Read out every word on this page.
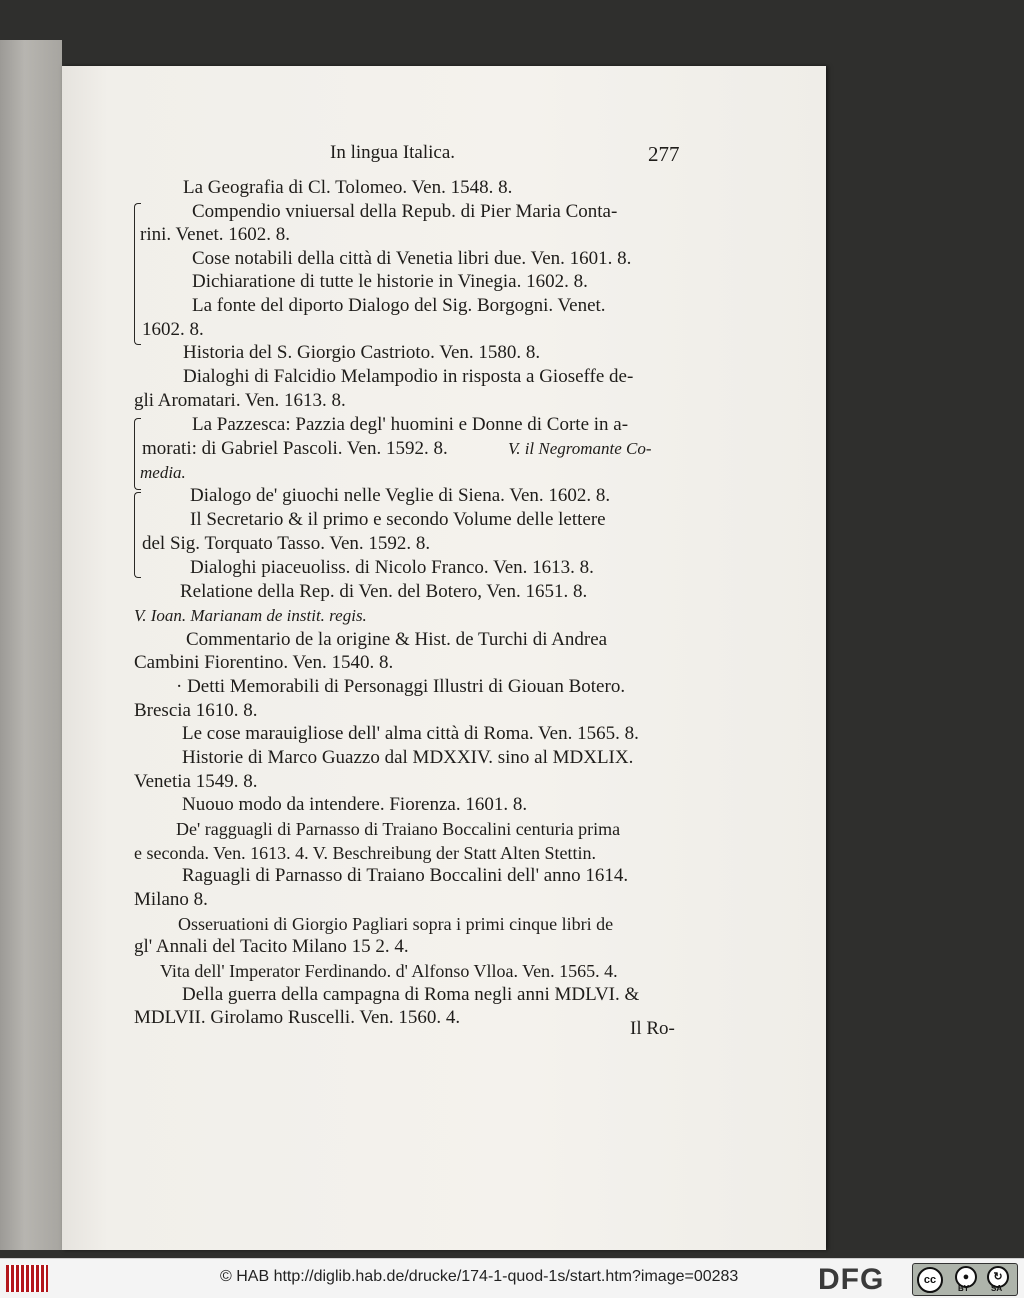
In lingua Italica.	277
La Geografia di Cl. Tolomeo. Ven. 1548. 8.
Compendio vniuersal della Repub. di Pier Maria Conta-
rini. Venet. 1602. 8.
Cose notabili della città di Venetia libri due. Ven. 1601. 8.
Dichiaratione di tutte le historie in Vinegia. 1602. 8.
La fonte del diporto Dialogo del Sig. Borgogni. Venet.
1602. 8.
Historia del S. Giorgio Castrioto. Ven. 1580. 8.
Dialoghi di Falcidio Melampodio in risposta a Gioseffe de-
gli Aromatari. Ven. 1613. 8.
La Pazzesca: Pazzia degl' huomini e Donne di Corte in a-
morati: di Gabriel Pascoli. Ven. 1592. 8.	V. il Negromante Co-
media.
Dialogo de' giuochi nelle Veglie di Siena. Ven. 1602. 8.
Il Secretario & il primo e secondo Volume delle lettere
del Sig. Torquato Tasso. Ven. 1592. 8.
Dialoghi piaceuoliss. di Nicolo Franco. Ven. 1613. 8.
Relatione della Rep. di Ven. del Botero, Ven. 1651. 8.
V. Ioan. Marianam de instit. regis.
Commentario de la origine & Hist. de Turchi di Andrea
Cambini Fiorentino. Ven. 1540. 8.
· Detti Memorabili di Personaggi Illustri di Giouan Botero.
Brescia 1610. 8.
Le cose marauigliose dell' alma città di Roma. Ven. 1565. 8.
Historie di Marco Guazzo dal MDXXIV. sino al MDXLIX.
Venetia 1549. 8.
Nuouo modo da intendere. Fiorenza. 1601. 8.
De' ragguagli di Parnasso di Traiano Boccalini centuria prima
e seconda. Ven. 1613. 4. V. Beschreibung der Statt Alten Stettin.
Raguagli di Parnasso di Traiano Boccalini dell' anno 1614.
Milano 8.
Osseruationi di Giorgio Pagliari sopra i primi cinque libri de
gl' Annali del Tacito Milano 15 2. 4.
Vita dell' Imperator Ferdinando. d' Alfonso Vlloa. Ven. 1565. 4.
Della guerra della campagna di Roma negli anni MDLVI. &
MDLVII. Girolamo Ruscelli. Ven. 1560. 4.
Il Ro-
© HAB http://diglib.hab.de/drucke/174-1-quod-1s/start.htm?image=00283	DFG	cc	●
BY
↻
SA
